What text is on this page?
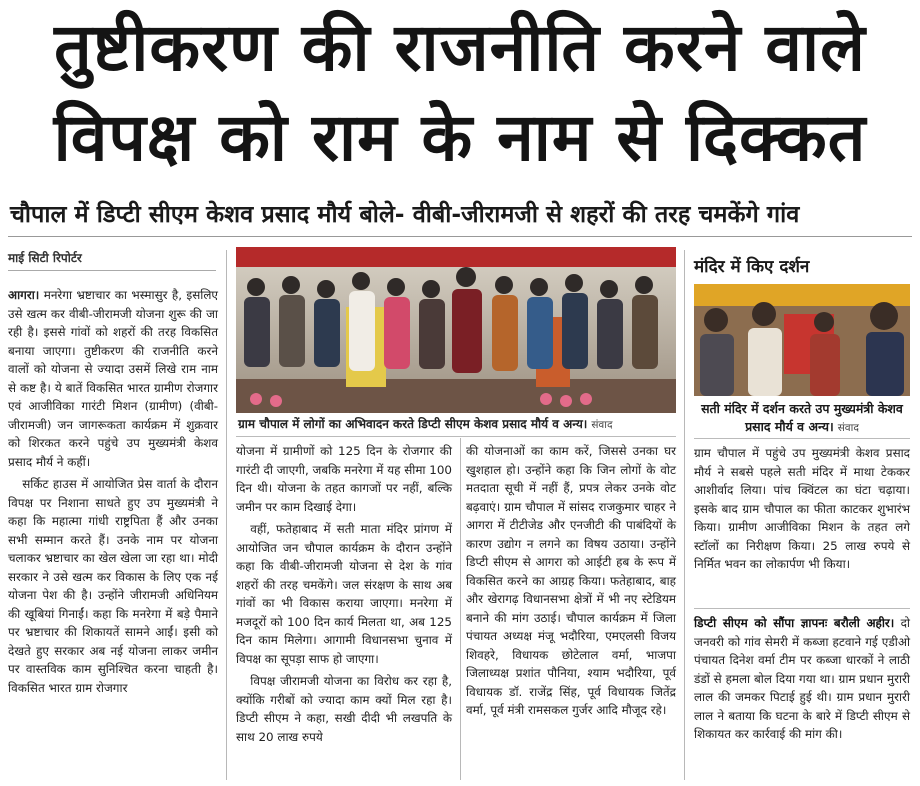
तुष्टीकरण की राजनीति करने वाले
विपक्ष को राम के नाम से दिक्कत
चौपाल में डिप्टी सीएम केशव प्रसाद मौर्य बोले- वीबी-जीरामजी से शहरों की तरह चमकेंगे गांव
माई सिटी रिपोर्टर

आगरा। मनरेगा भ्रष्टाचार का भस्मासुर है, इसलिए उसे खत्म कर वीबी-जीरामजी योजना शुरू की जा रही है। इससे गांवों को शहरों की तरह विकसित बनाया जाएगा। तुष्टीकरण की राजनीति करने वालों को योजना से ज्यादा उसमें लिखे राम नाम से कष्ट है। ये बातें विकसित भारत ग्रामीण रोजगार एवं आजीविका गारंटी मिशन (ग्रामीण) (वीबी-जीरामजी) जन जागरूकता कार्यक्रम में शुक्रवार को शिरकत करने पहुंचे उप मुख्यमंत्री केशव प्रसाद मौर्य ने कहीं।

सर्किट हाउस में आयोजित प्रेस वार्ता के दौरान विपक्ष पर निशाना साधते हुए उप मुख्यमंत्री ने कहा कि महात्मा गांधी राष्ट्रपिता हैं और उनका सभी सम्मान करते हैं। उनके नाम पर योजना चलाकर भ्रष्टाचार का खेल खेला जा रहा था। मोदी सरकार ने उसे खत्म कर विकास के लिए एक नई योजना पेश की है। उन्होंने जीरामजी अधिनियम की खूबियां गिनाईं। कहा कि मनरेगा में बड़े पैमाने पर भ्रष्टाचार की शिकायतें सामने आईं। इसी को देखते हुए सरकार अब नई योजना लाकर जमीन पर वास्तविक काम सुनिश्चित करना चाहती है। विकसित भारत ग्राम रोजगार

ग्राम चौपाल में लोगों का अभिवादन करते डिप्टी सीएम केशव प्रसाद मौर्य व अन्य। संवाद

योजना में ग्रामीणों को 125 दिन के रोजगार की गारंटी दी जाएगी, जबकि मनरेगा में यह सीमा 100 दिन थी। योजना के तहत कागजों पर नहीं, बल्कि जमीन पर काम दिखाई देगा।

वहीं, फतेहाबाद में सती माता मंदिर प्रांगण में आयोजित जन चौपाल कार्यक्रम के दौरान उन्होंने कहा कि वीबी-जीरामजी योजना से देश के गांव शहरों की तरह चमकेंगे। जल संरक्षण के साथ अब गांवों का भी विकास कराया जाएगा। मनरेगा में मजदूरों को 100 दिन कार्य मिलता था, अब 125 दिन काम मिलेगा। आगामी विधानसभा चुनाव में विपक्ष का सूपड़ा साफ हो जाएगा।

विपक्ष जीरामजी योजना का विरोध कर रहा है, क्योंकि गरीबों को ज्यादा काम क्यों मिल रहा है। डिप्टी सीएम ने कहा, सखी दीदी भी लखपति के साथ 20 लाख रुपये

की योजनाओं का काम करें, जिससे उनका घर खुशहाल हो। उन्होंने कहा कि जिन लोगों के वोट मतदाता सूची में नहीं हैं, प्रपत्र लेकर उनके वोट बढ़वाएं। ग्राम चौपाल में सांसद राजकुमार चाहर ने आगरा में टीटीजेड और एनजीटी की पाबंदियों के कारण उद्योग न लगने का विषय उठाया। उन्होंने डिप्टी सीएम से आगरा को आईटी हब के रूप में विकसित करने का आग्रह किया। फतेहाबाद, बाह और खेरागढ़ विधानसभा क्षेत्रों में भी नए स्टेडियम बनाने की मांग उठाई। चौपाल कार्यक्रम में जिला पंचायत अध्यक्ष मंजू भदौरिया, एमएलसी विजय शिवहरे, विधायक छोटेलाल वर्मा, भाजपा जिलाध्यक्ष प्रशांत पौनिया, श्याम भदौरिया, पूर्व विधायक डॉ. राजेंद्र सिंह, पूर्व विधायक जितेंद्र वर्मा, पूर्व मंत्री रामसकल गुर्जर आदि मौजूद रहे।

मंदिर में किए दर्शन
सती मंदिर में दर्शन करते उप मुख्यमंत्री केशव प्रसाद मौर्य व अन्य। संवाद

ग्राम चौपाल में पहुंचे उप मुख्यमंत्री केशव प्रसाद मौर्य ने सबसे पहले सती मंदिर में माथा टेककर आशीर्वाद लिया। पांच क्विंटल का घंटा चढ़ाया। इसके बाद ग्राम चौपाल का फीता काटकर शुभारंभ किया। ग्रामीण आजीविका मिशन के तहत लगे स्टॉलों का निरीक्षण किया। 25 लाख रुपये से निर्मित भवन का लोकार्पण भी किया।

डिप्टी सीएम को सौंपा ज्ञापनः बरौली अहीर। दो जनवरी को गांव सेमरी में कब्जा हटवाने गई एडीओ पंचायत दिनेश वर्मा टीम पर कब्जा धारकों ने लाठी डंडों से हमला बोल दिया गया था। ग्राम प्रधान मुरारी लाल की जमकर पिटाई हुई थी। ग्राम प्रधान मुरारी लाल ने बताया कि घटना के बारे में डिप्टी सीएम से शिकायत कर कार्रवाई की मांग की।
